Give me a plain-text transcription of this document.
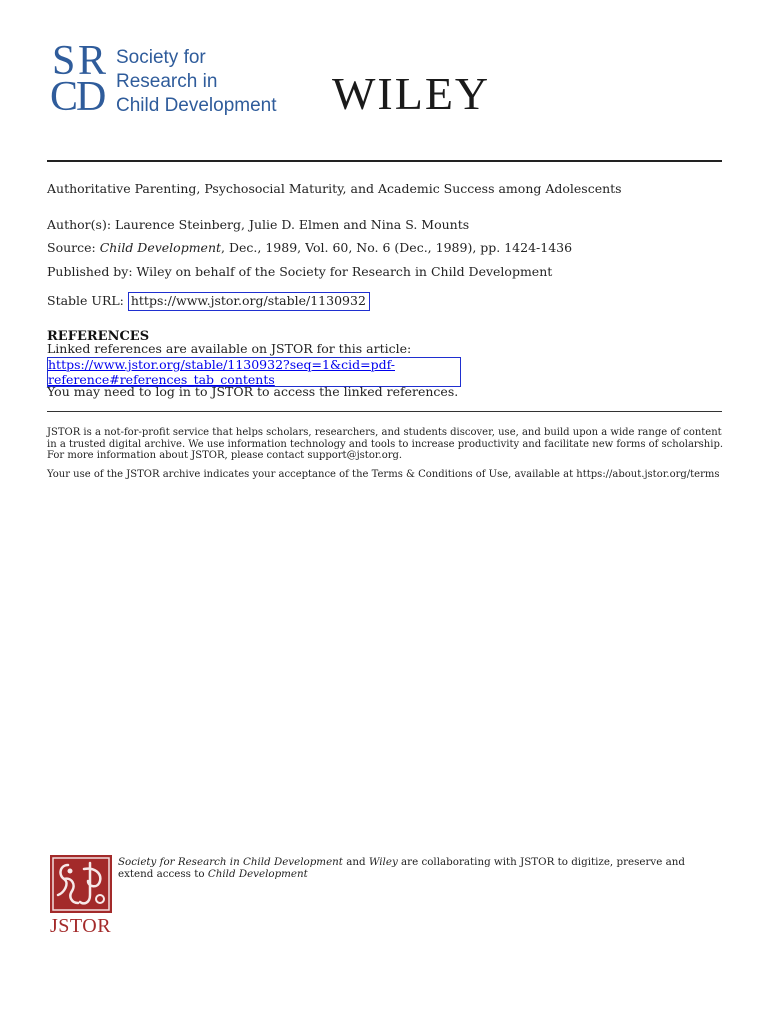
S R
C D
Society for
Research in
Child Development WILEY
Authoritative Parenting, Psychosocial Maturity, and Academic Success among Adolescents
Author(s): Laurence Steinberg, Julie D. Elmen and Nina S. Mounts
Source: Child Development, Dec., 1989, Vol. 60, No. 6 (Dec., 1989), pp. 1424-1436
Published by: Wiley on behalf of the Society for Research in Child Development
Stable URL: https://www.jstor.org/stable/1130932
REFERENCES
Linked references are available on JSTOR for this article:
https://www.jstor.org/stable/1130932?seq=1&cid=pdf-
reference#references_tab_contents
You may need to log in to JSTOR to access the linked references.
JSTOR is a not-for-profit service that helps scholars, researchers, and students discover, use, and build upon a wide range of content in a trusted digital archive. We use information technology and tools to increase productivity and facilitate new forms of scholarship. For more information about JSTOR, please contact support@jstor.org.
Your use of the JSTOR archive indicates your acceptance of the Terms & Conditions of Use, available at https://about.jstor.org/terms
JSTOR
Society for Research in Child Development and Wiley are collaborating with JSTOR to digitize, preserve and extend access to Child Development
